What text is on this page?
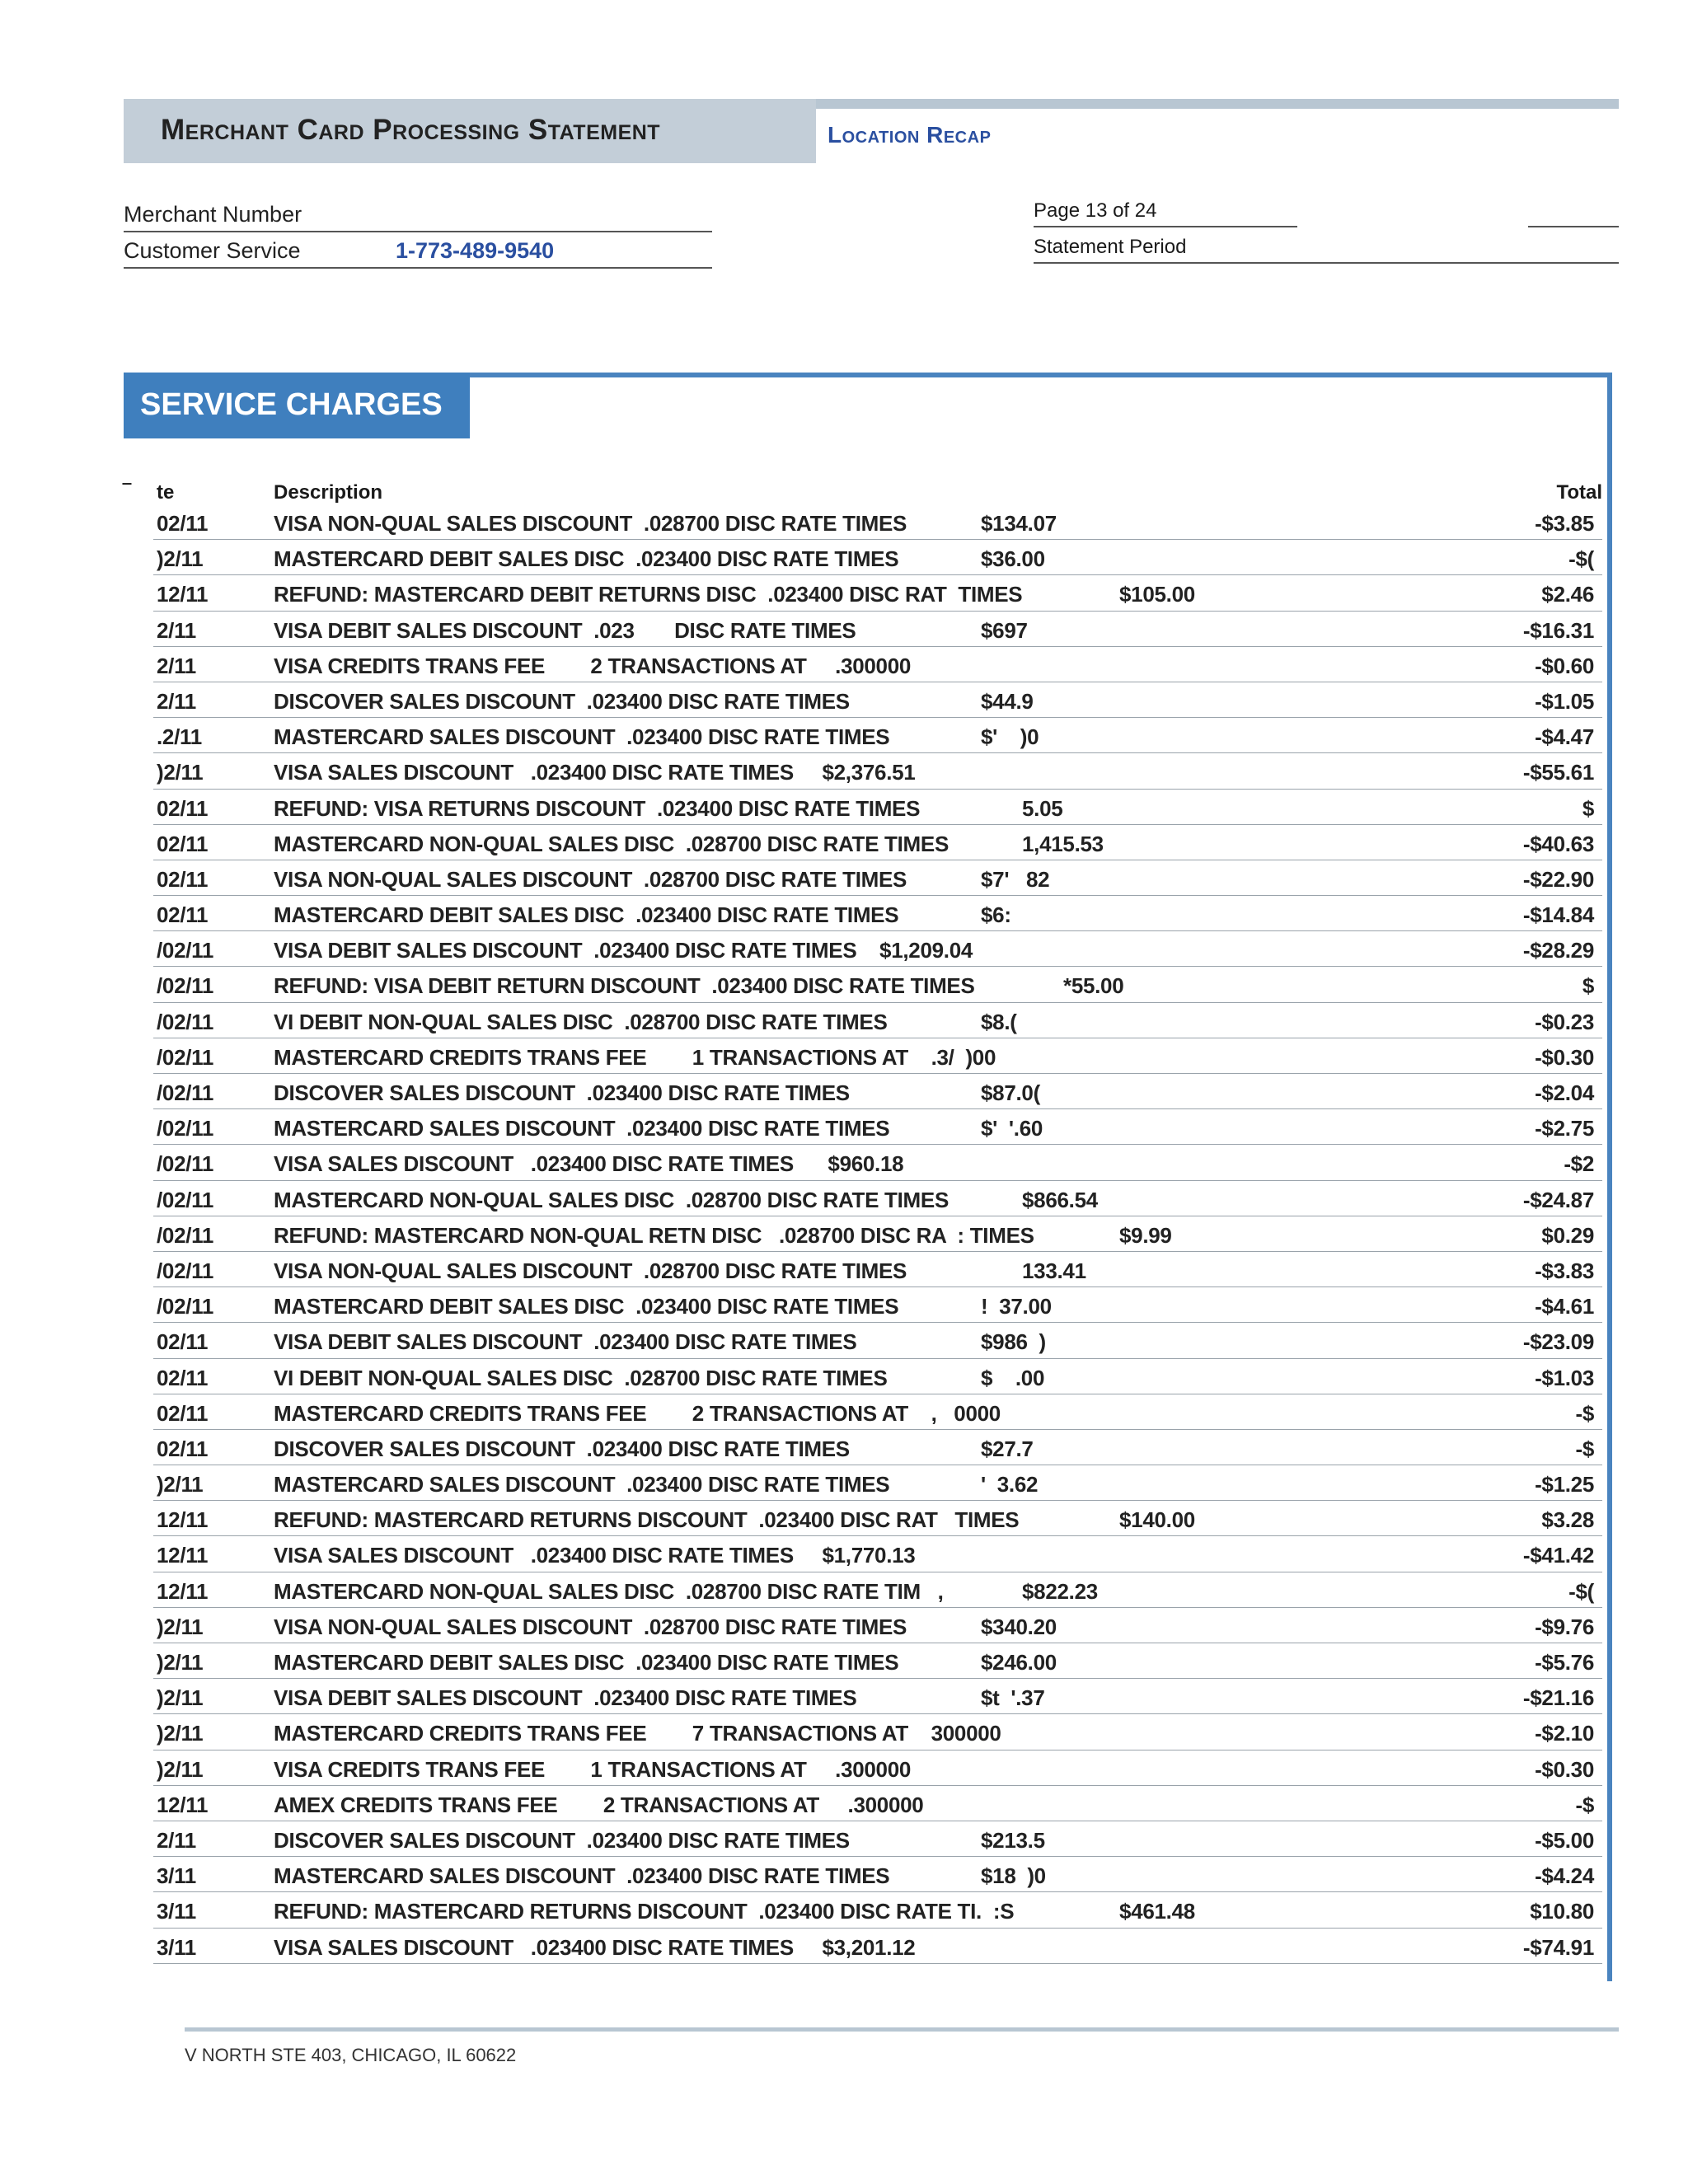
Merchant Card Processing Statement	Location Recap
Merchant Number
Customer Service	1-773-489-9540
Page 13 of 24
Statement Period
SERVICE CHARGES
‾ te	Description	Total
02/11	VISA NON-QUAL SALES DISCOUNT  .028700 DISC RATE TIMES	$134.07	-$3.85
)2/11	MASTERCARD DEBIT SALES DISC  .023400 DISC RATE TIMES	$36.00	-$(
12/11	REFUND: MASTERCARD DEBIT RETURNS DISC  .023400 DISC RAT  TIMES	$105.00	$2.46
2/11	VISA DEBIT SALES DISCOUNT  .023       DISC RATE TIMES	$697	-$16.31
2/11	VISA CREDITS TRANS FEE        2 TRANSACTIONS AT     .300000	-$0.60
2/11	DISCOVER SALES DISCOUNT  .023400 DISC RATE TIMES	$44.9	-$1.05
.2/11	MASTERCARD SALES DISCOUNT  .023400 DISC RATE TIMES	$'    )0	-$4.47
)2/11	VISA SALES DISCOUNT   .023400 DISC RATE TIMES     $2,376.51	-$55.61
02/11	REFUND: VISA RETURNS DISCOUNT  .023400 DISC RATE TIMES	5.05	$
02/11	MASTERCARD NON-QUAL SALES DISC  .028700 DISC RATE TIMES	1,415.53	-$40.63
02/11	VISA NON-QUAL SALES DISCOUNT  .028700 DISC RATE TIMES	$7'   82	-$22.90
02/11	MASTERCARD DEBIT SALES DISC  .023400 DISC RATE TIMES	$6:	-$14.84
/02/11	VISA DEBIT SALES DISCOUNT  .023400 DISC RATE TIMES    $1,209.04	-$28.29
/02/11	REFUND: VISA DEBIT RETURN DISCOUNT  .023400 DISC RATE TIMES	*55.00	$
/02/11	VI DEBIT NON-QUAL SALES DISC  .028700 DISC RATE TIMES	$8.(	-$0.23
/02/11	MASTERCARD CREDITS TRANS FEE        1 TRANSACTIONS AT    .3/  )00	-$0.30
/02/11	DISCOVER SALES DISCOUNT  .023400 DISC RATE TIMES	$87.0(	-$2.04
/02/11	MASTERCARD SALES DISCOUNT  .023400 DISC RATE TIMES	$'  '.60	-$2.75
/02/11	VISA SALES DISCOUNT   .023400 DISC RATE TIMES      $960.18	-$2
/02/11	MASTERCARD NON-QUAL SALES DISC  .028700 DISC RATE TIMES	$866.54	-$24.87
/02/11	REFUND: MASTERCARD NON-QUAL RETN DISC   .028700 DISC RA  : TIMES	$9.99	$0.29
/02/11	VISA NON-QUAL SALES DISCOUNT  .028700 DISC RATE TIMES	133.41	-$3.83
/02/11	MASTERCARD DEBIT SALES DISC  .023400 DISC RATE TIMES	!  37.00	-$4.61
02/11	VISA DEBIT SALES DISCOUNT  .023400 DISC RATE TIMES	$986  )	-$23.09
02/11	VI DEBIT NON-QUAL SALES DISC  .028700 DISC RATE TIMES	$    .00	-$1.03
02/11	MASTERCARD CREDITS TRANS FEE        2 TRANSACTIONS AT    ,   0000	-$
02/11	DISCOVER SALES DISCOUNT  .023400 DISC RATE TIMES	$27.7	-$
)2/11	MASTERCARD SALES DISCOUNT  .023400 DISC RATE TIMES	'  3.62	-$1.25
12/11	REFUND: MASTERCARD RETURNS DISCOUNT  .023400 DISC RAT   TIMES	$140.00	$3.28
12/11	VISA SALES DISCOUNT   .023400 DISC RATE TIMES     $1,770.13	-$41.42
12/11	MASTERCARD NON-QUAL SALES DISC  .028700 DISC RATE TIM   ,	$822.23	-$(
)2/11	VISA NON-QUAL SALES DISCOUNT  .028700 DISC RATE TIMES	$340.20	-$9.76
)2/11	MASTERCARD DEBIT SALES DISC  .023400 DISC RATE TIMES	$246.00	-$5.76
)2/11	VISA DEBIT SALES DISCOUNT  .023400 DISC RATE TIMES	$t  '.37	-$21.16
)2/11	MASTERCARD CREDITS TRANS FEE        7 TRANSACTIONS AT    300000	-$2.10
)2/11	VISA CREDITS TRANS FEE        1 TRANSACTIONS AT     .300000	-$0.30
12/11	AMEX CREDITS TRANS FEE        2 TRANSACTIONS AT     .300000	-$
2/11	DISCOVER SALES DISCOUNT  .023400 DISC RATE TIMES	$213.5	-$5.00
3/11	MASTERCARD SALES DISCOUNT  .023400 DISC RATE TIMES	$18  )0	-$4.24
3/11	REFUND: MASTERCARD RETURNS DISCOUNT  .023400 DISC RATE TI.  :S	$461.48	$10.80
3/11	VISA SALES DISCOUNT   .023400 DISC RATE TIMES     $3,201.12	-$74.91
V NORTH STE 403, CHICAGO, IL 60622
